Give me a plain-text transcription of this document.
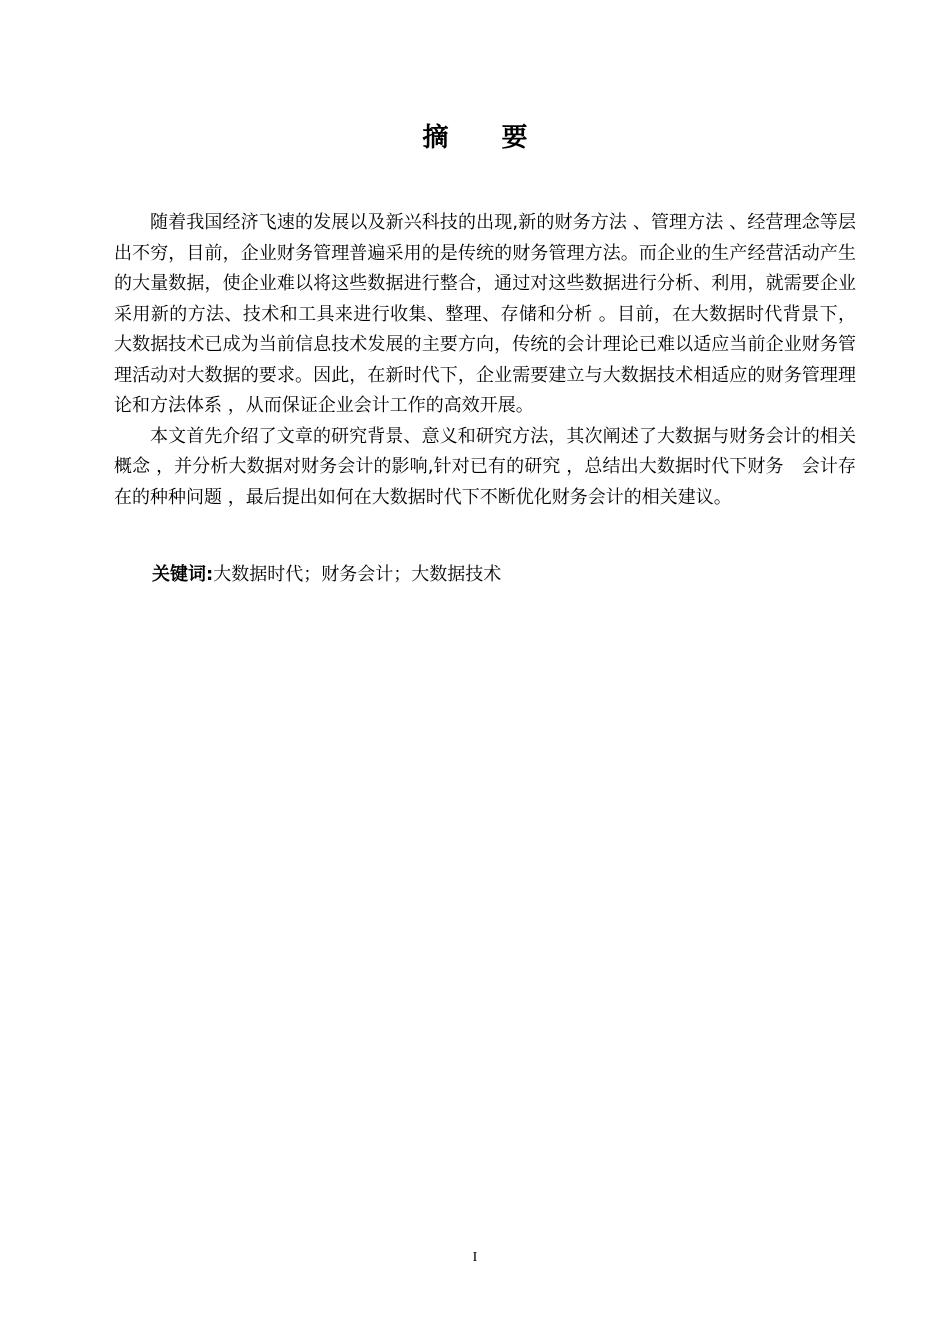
摘 要

随着我国经济飞速的发展以及新兴科技的出现,新的财务方法 、管理方法 、经营理念等层出不穷，目前，企业财务管理普遍采用的是传统的财务管理方法。而企业的生产经营活动产生的大量数据，使企业难以将这些数据进行整合，通过对这些数据进行分析、利用，就需要企业采用新的方法、技术和工具来进行收集、整理、存储和分析 。目前，在大数据时代背景下，大数据技术已成为当前信息技术发展的主要方向，传统的会计理论已难以适应当前企业财务管理活动对大数据的要求。因此，在新时代下，企业需要建立与大数据技术相适应的财务管理理论和方法体系 ，从而保证企业会计工作的高效开展。

本文首先介绍了文章的研究背景、意义和研究方法，其次阐述了大数据与财务会计的相关概念 ，并分析大数据对财务会计的影响,针对已有的研究 ，总结出大数据时代下财务　会计存在的种种问题 ，最后提出如何在大数据时代下不断优化财务会计的相关建议。

关键词:大数据时代；财务会计；大数据技术

I
